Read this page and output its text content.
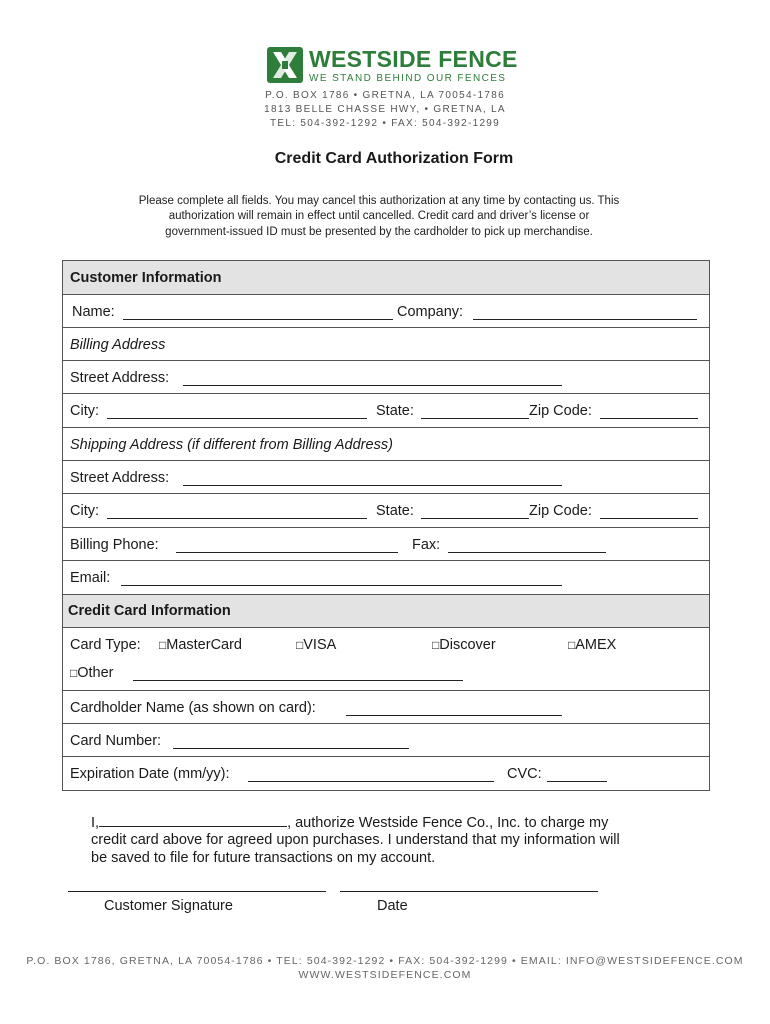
WESTSIDE FENCE
WE STAND BEHIND OUR FENCES
P.O. BOX 1786 • GRETNA, LA 70054-1786
1813 BELLE CHASSE HWY, • GRETNA, LA
TEL: 504-392-1292 • FAX: 504-392-1299
Credit Card Authorization Form
Please complete all fields. You may cancel this authorization at any time by contacting us. This
authorization will remain in effect until cancelled. Credit card and driver’s license or
government-issued ID must be presented by the cardholder to pick up merchandise.
Customer Information
Name:	Company:
Billing Address
Street Address:
City:	State:	Zip Code:
Shipping Address (if different from Billing Address)
Street Address:
City:	State:	Zip Code:
Billing Phone:	Fax:
Email:
Credit Card Information
Card Type: □MasterCard	□VISA	□Discover	□AMEX
□Other
Cardholder Name (as shown on card):
Card Number:
Expiration Date (mm/yy):	CVC:
I,	, authorize Westside Fence Co., Inc. to charge my
credit card above for agreed upon purchases. I understand that my information will
be saved to file for future transactions on my account.
Customer Signature	Date
P.O. BOX 1786, GRETNA, LA 70054-1786 • TEL: 504-392-1292 • FAX: 504-392-1299 • EMAIL: INFO@WESTSIDEFENCE.COM
WWW.WESTSIDEFENCE.COM
